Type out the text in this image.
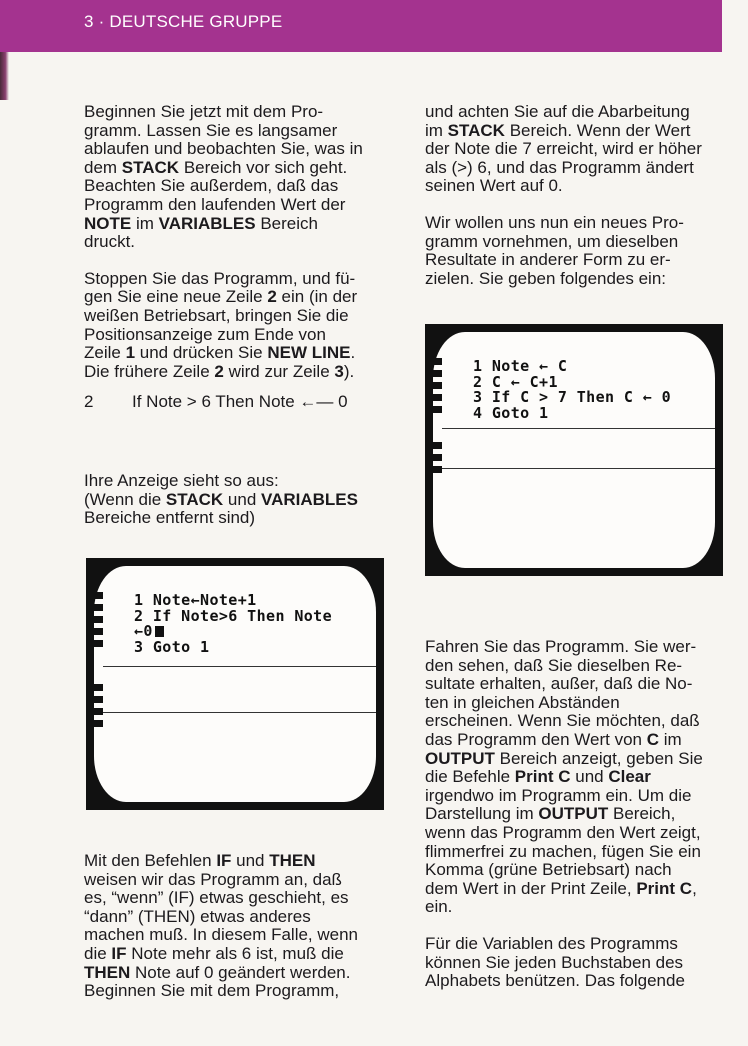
3 · DEUTSCHE GRUPPE

Beginnen Sie jetzt mit dem Pro-
gramm. Lassen Sie es langsamer
ablaufen und beobachten Sie, was in
dem STACK Bereich vor sich geht.
Beachten Sie außerdem, daß das
Programm den laufenden Wert der
NOTE im VARIABLES Bereich
druckt.

Stoppen Sie das Programm, und fü-
gen Sie eine neue Zeile 2 ein (in der
weißen Betriebsart, bringen Sie die
Positionsanzeige zum Ende von
Zeile 1 und drücken Sie NEW LINE.
Die frühere Zeile 2 wird zur Zeile 3).

2 If Note > 6 Then Note ←— 0

Ihre Anzeige sieht so aus:
(Wenn die STACK und VARIABLES
Bereiche entfernt sind)

1 Note←Note+1
2 If Note>6 Then Note
←0
3 Goto 1

Mit den Befehlen IF und THEN
weisen wir das Programm an, daß
es, “wenn” (IF) etwas geschieht, es
“dann” (THEN) etwas anderes
machen muß. In diesem Falle, wenn
die IF Note mehr als 6 ist, muß die
THEN Note auf 0 geändert werden.
Beginnen Sie mit dem Programm,

und achten Sie auf die Abarbeitung
im STACK Bereich. Wenn der Wert
der Note die 7 erreicht, wird er höher
als (>) 6, und das Programm ändert
seinen Wert auf 0.

Wir wollen uns nun ein neues Pro-
gramm vornehmen, um dieselben
Resultate in anderer Form zu er-
zielen. Sie geben folgendes ein:

1 Note ← C
2 C ← C+1
3 If C > 7 Then C ← 0
4 Goto 1

Fahren Sie das Programm. Sie wer-
den sehen, daß Sie dieselben Re-
sultate erhalten, außer, daß die No-
ten in gleichen Abständen
erscheinen. Wenn Sie möchten, daß
das Programm den Wert von C im
OUTPUT Bereich anzeigt, geben Sie
die Befehle Print C und Clear
irgendwo im Programm ein. Um die
Darstellung im OUTPUT Bereich,
wenn das Programm den Wert zeigt,
flimmerfrei zu machen, fügen Sie ein
Komma (grüne Betriebsart) nach
dem Wert in der Print Zeile, Print C,
ein.

Für die Variablen des Programms
können Sie jeden Buchstaben des
Alphabets benützen. Das folgende
